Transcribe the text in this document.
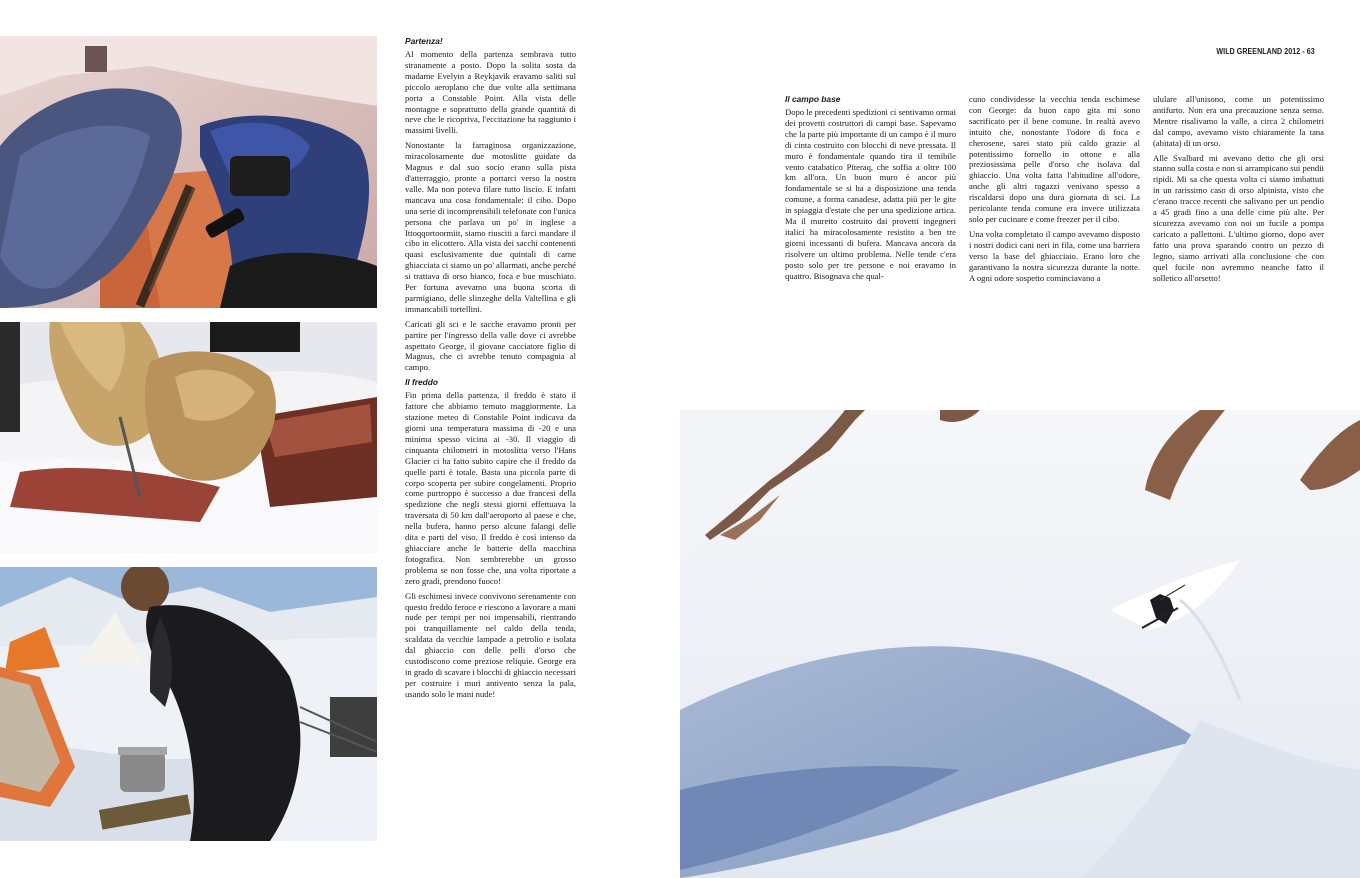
WILD GREENLAND 2012 - 63
Partenza!

Al momento della partenza sembrava tutto stranamente a posto. Dopo la solita sosta da madame Evelyin a Reykjavik eravamo saliti sul piccolo aeroplano che due volte alla settimana porta a Constable Point. Alla vista delle montagne e soprattutto della grande quantità di neve che le ricopriva, l'eccitazione ha raggiunto i massimi livelli.

Nonostante la farraginosa organizzazione, miracolosamente due motoslitte guidate da Magnus e dal suo socio erano sulla pista d'atterraggio, pronte a portarci verso la nostra valle. Ma non poteva filare tutto liscio. E infatti mancava una cosa fondamentale: il cibo. Dopo una serie di incomprensibili telefonate con l'unica persona che parlava un po' in inglese a Ittoqqortoormiit, siamo riusciti a farci mandare il cibo in elicottero. Alla vista dei sacchi contenenti quasi esclusivamente due quintali di carne ghiacciata ci siamo un po' allarmati, anche perché si trattava di orso bianco, foca e bue muschiato. Per fortuna avevamo una buona scorta di parmigiano, delle slinzeghe della Valtellina e gli immancabili tortellini.

Caricati gli sci e le sacche eravamo pronti per partire per l'ingresso della valle dove ci avrebbe aspettato George, il giovane cacciatore figlio di Magnus, che ci avrebbe tenuto compagnia al campo.

Il freddo

Fin prima della partenza, il freddo è stato il fattore che abbiamo temuto maggiormente. La stazione meteo di Constable Point indicava da giorni una temperatura massima di -20 e una minima spesso vicina ai -30. Il viaggio di cinquanta chilometri in motoslitta verso l'Hans Glacier ci ha fatto subito capire che il freddo da quelle parti è totale. Basta una piccola parte di corpo scoperta per subire congelamenti. Proprio come purtroppo è successo a due francesi della spedizione che negli stessi giorni effettuava la traversata di 50 km dall'aeroporto al paese e che, nella bufera, hanno perso alcune falangi delle dita e parti del viso. Il freddo è così intenso da ghiacciare anche le batterie della macchina fotografica. Non sembrerebbe un grosso problema se non fosse che, una volta riportate a zero gradi, prendono fuoco!

Gli eschimesi invece convivono serenamente con questo freddo feroce e riescono a lavorare a mani nude per tempi per noi impensabili, rientrando poi tranquillamente nel caldo della tenda, scaldata da vecchie lampade a petrolio e isolata dal ghiaccio con delle pelli d'orso che custodiscono come preziose reliquie. George era in grado di scavare i blocchi di ghiaccio necessari per costruire i muri antivento senza la pala, usando solo le mani nude!

Il campo base

Dopo le precedenti spedizioni ci sentivamo ormai dei provetti costruttori di campi base. Sapevamo che la parte più importante di un campo è il muro di cinta costruito con blocchi di neve pressata. Il muro è fondamentale quando tira il temibile vento catabatico Piteraq, che soffia a oltre 100 km all'ora. Un buon muro è ancor più fondamentale se si ha a disposizione una tenda comune, a forma canadese, adatta più per le gite in spiaggia d'estate che per una spedizione artica. Ma il muretto costruito dai provetti ingegneri italici ha miracolosamente resistito a ben tre giorni incessanti di bufera. Mancava ancora da risolvere un ultimo problema. Nelle tende c'era posto solo per tre persone e noi eravamo in quattro. Bisognava che qual-

cuno condividesse la vecchia tenda eschimese con George: da buon capo gita mi sono sacrificato per il bene comune. In realtà avevo intuito che, nonostante l'odore di foca e cherosene, sarei stato più caldo grazie al potentissimo fornello in ottone e alla preziosissima pelle d'orso che isolava dal ghiaccio. Una volta fatta l'abitudine all'odore, anche gli altri ragazzi venivano spesso a riscaldarsi dopo una dura giornata di sci. La pericolante tenda comune era invece utilizzata solo per cucinare e come freezer per il cibo.

Una volta completato il campo avevamo disposto i nostri dodici cani neri in fila, come una barriera verso la base del ghiacciaio. Erano loro che garantivano la nostra sicurezza durante la notte. A ogni odore sospetto cominciavano a

ululare all'unisono, come un potentissimo antifurto. Non era una precauzione senza senso. Mentre risalivamo la valle, a circa 2 chilometri dal campo, avevamo visto chiaramente la tana (abitata) di un orso.

Alle Svalbard mi avevano detto che gli orsi stanno sulla costa e non si arrampicano sui pendii ripidi. Mi sa che questa volta ci siamo imbattuti in un rarissimo caso di orso alpinista, visto che c'erano tracce recenti che salivano per un pendio a 45 gradi fino a una delle cime più alte. Per sicurezza avevamo con noi un fucile a pompa caricato a pallettoni. L'ultimo giorno, dopo aver fatto una prova sparando contro un pezzo di legno, siamo arrivati alla conclusione che con quel fucile non avremmo neanche fatto il solletico all'orsetto!
